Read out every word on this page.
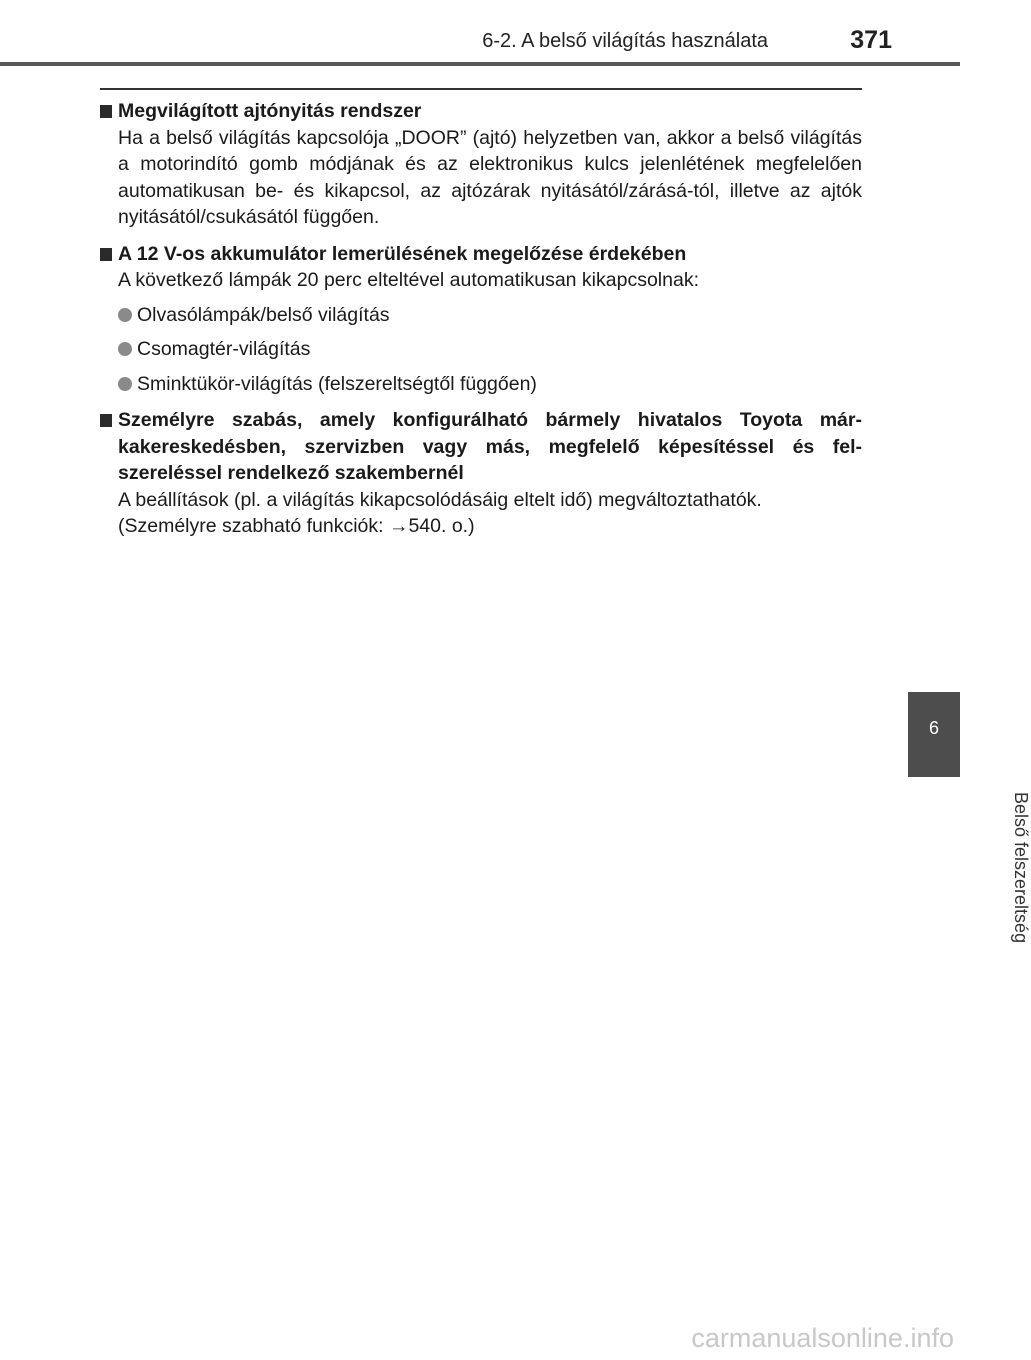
6-2. A belső világítás használata	371
Megvilágított ajtónyitás rendszer
Ha a belső világítás kapcsolója „DOOR” (ajtó) helyzetben van, akkor a belső világítás a motorindító gomb módjának és az elektronikus kulcs jelenlétének megfelelően automatikusan be- és kikapcsol, az ajtózárak nyitásától/zárásá-tól, illetve az ajtók nyitásától/csukásától függően.
A 12 V-os akkumulátor lemerülésének megelőzése érdekében
A következő lámpák 20 perc elteltével automatikusan kikapcsolnak:
Olvasólámpák/belső világítás
Csomagtér-világítás
Sminktükör-világítás (felszereltségtől függően)
Személyre szabás, amely konfigurálható bármely hivatalos Toyota már-kakereskedésben, szervizben vagy más, megfelelő képesítéssel és fel-szereléssel rendelkező szakembernél
A beállítások (pl. a világítás kikapcsolódásáig eltelt idő) megváltoztathatók.
(Személyre szabható funkciók: →540. o.)
6
Belső felszereltség
carmanualsonline.info
